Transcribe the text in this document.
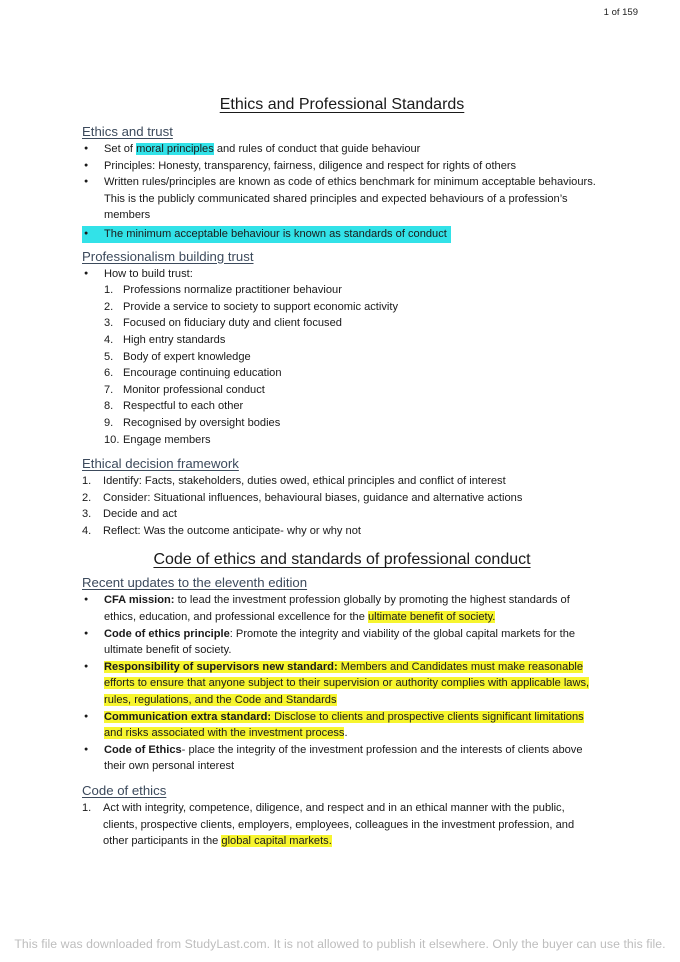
1 of 159
Ethics and Professional Standards
Ethics and trust
● Set of moral principles and rules of conduct that guide behaviour
● Principles: Honesty, transparency, fairness, diligence and respect for rights of others
● Written rules/principles are known as code of ethics benchmark for minimum acceptable behaviours. This is the publicly communicated shared principles and expected behaviours of a profession’s members
● The minimum acceptable behaviour is known as standards of conduct
Professionalism building trust
● How to build trust:
1. Professions normalize practitioner behaviour
2. Provide a service to society to support economic activity
3. Focused on fiduciary duty and client focused
4. High entry standards
5. Body of expert knowledge
6. Encourage continuing education
7. Monitor professional conduct
8. Respectful to each other
9. Recognised by oversight bodies
10. Engage members
Ethical decision framework
1. Identify: Facts, stakeholders, duties owed, ethical principles and conflict of interest
2. Consider: Situational influences, behavioural biases, guidance and alternative actions
3. Decide and act
4. Reflect: Was the outcome anticipate- why or why not
Code of ethics and standards of professional conduct
Recent updates to the eleventh edition
● CFA mission: to lead the investment profession globally by promoting the highest standards of ethics, education, and professional excellence for the ultimate benefit of society.
● Code of ethics principle: Promote the integrity and viability of the global capital markets for the ultimate benefit of society.
● Responsibility of supervisors new standard: Members and Candidates must make reasonable efforts to ensure that anyone subject to their supervision or authority complies with applicable laws, rules, regulations, and the Code and Standards
● Communication extra standard: Disclose to clients and prospective clients significant limitations and risks associated with the investment process.
● Code of Ethics- place the integrity of the investment profession and the interests of clients above their own personal interest
Code of ethics
1. Act with integrity, competence, diligence, and respect and in an ethical manner with the public, clients, prospective clients, employers, employees, colleagues in the investment profession, and other participants in the global capital markets.
This file was downloaded from StudyLast.com. It is not allowed to publish it elsewhere. Only the buyer can use this file.
